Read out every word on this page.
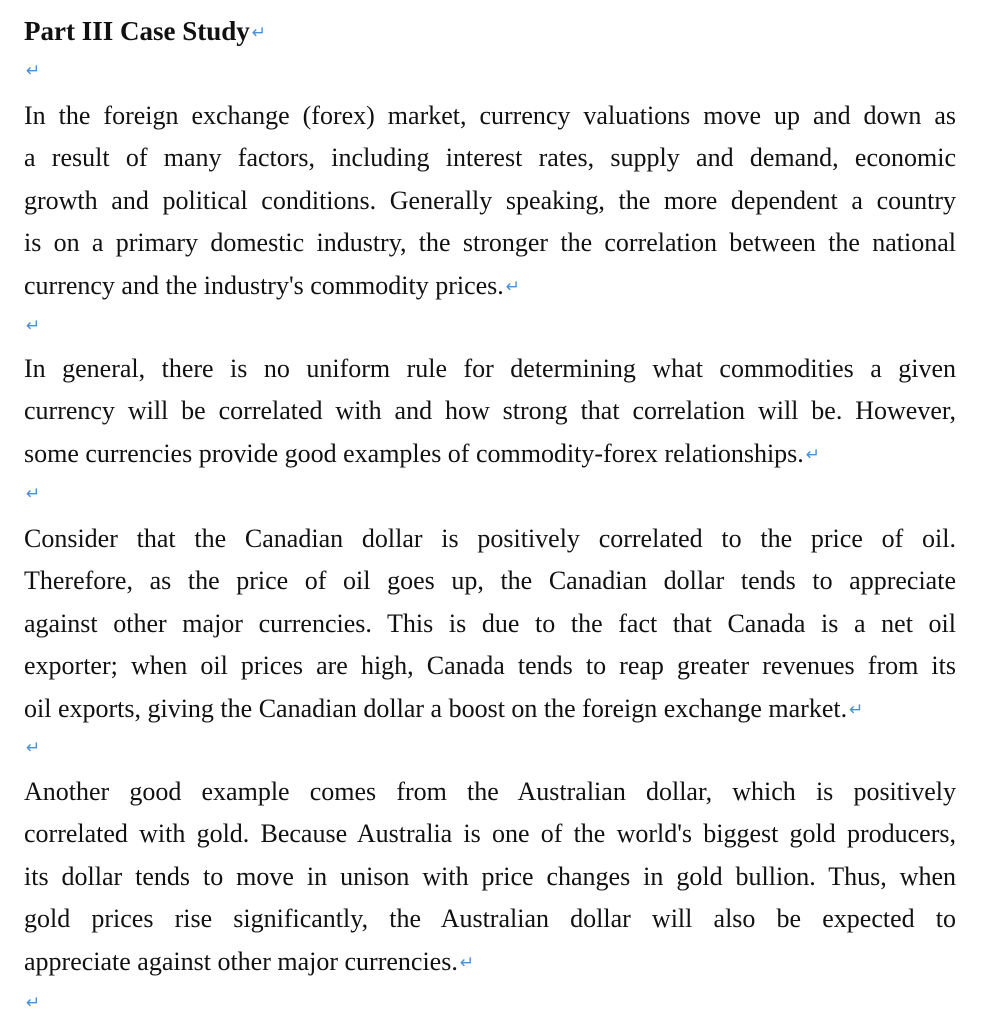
Part III Case Study ↵
↵
In the foreign exchange (forex) market, currency valuations move up and down as
a result of many factors, including interest rates, supply and demand, economic
growth and political conditions. Generally speaking, the more dependent a country
is on a primary domestic industry, the stronger the correlation between the national
currency and the industry's commodity prices. ↵
↵
In general, there is no uniform rule for determining what commodities a given
currency will be correlated with and how strong that correlation will be. However,
some currencies provide good examples of commodity-forex relationships. ↵
↵
Consider that the Canadian dollar is positively correlated to the price of oil.
Therefore, as the price of oil goes up, the Canadian dollar tends to appreciate
against other major currencies. This is due to the fact that Canada is a net oil
exporter; when oil prices are high, Canada tends to reap greater revenues from its
oil exports, giving the Canadian dollar a boost on the foreign exchange market. ↵
↵
Another good example comes from the Australian dollar, which is positively
correlated with gold. Because Australia is one of the world's biggest gold producers,
its dollar tends to move in unison with price changes in gold bullion. Thus, when
gold prices rise significantly, the Australian dollar will also be expected to
appreciate against other major currencies. ↵
↵
